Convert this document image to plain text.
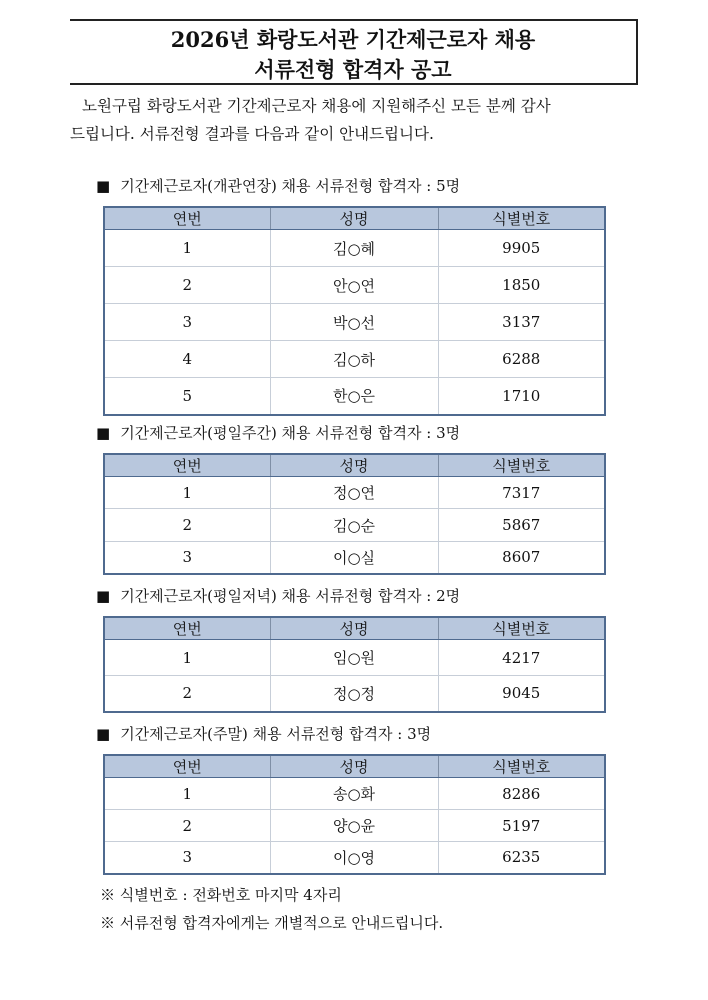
2026년 화랑도서관 기간제근로자 채용
서류전형 합격자 공고
노원구립 화랑도서관 기간제근로자 채용에 지원해주신 모든 분께 감사
드립니다. 서류전형 결과를 다음과 같이 안내드립니다.
■ 기간제근로자(개관연장) 채용 서류전형 합격자 : 5명
연번	성명	식별번호
1	김○혜	9905
2	안○연	1850
3	박○선	3137
4	김○하	6288
5	한○은	1710
■ 기간제근로자(평일주간) 채용 서류전형 합격자 : 3명
연번	성명	식별번호
1	정○연	7317
2	김○순	5867
3	이○실	8607
■ 기간제근로자(평일저녁) 채용 서류전형 합격자 : 2명
연번	성명	식별번호
1	임○원	4217
2	정○정	9045
■ 기간제근로자(주말) 채용 서류전형 합격자 : 3명
연번	성명	식별번호
1	송○화	8286
2	양○윤	5197
3	이○영	6235
※ 식별번호 : 전화번호 마지막 4자리
※ 서류전형 합격자에게는 개별적으로 안내드립니다.
